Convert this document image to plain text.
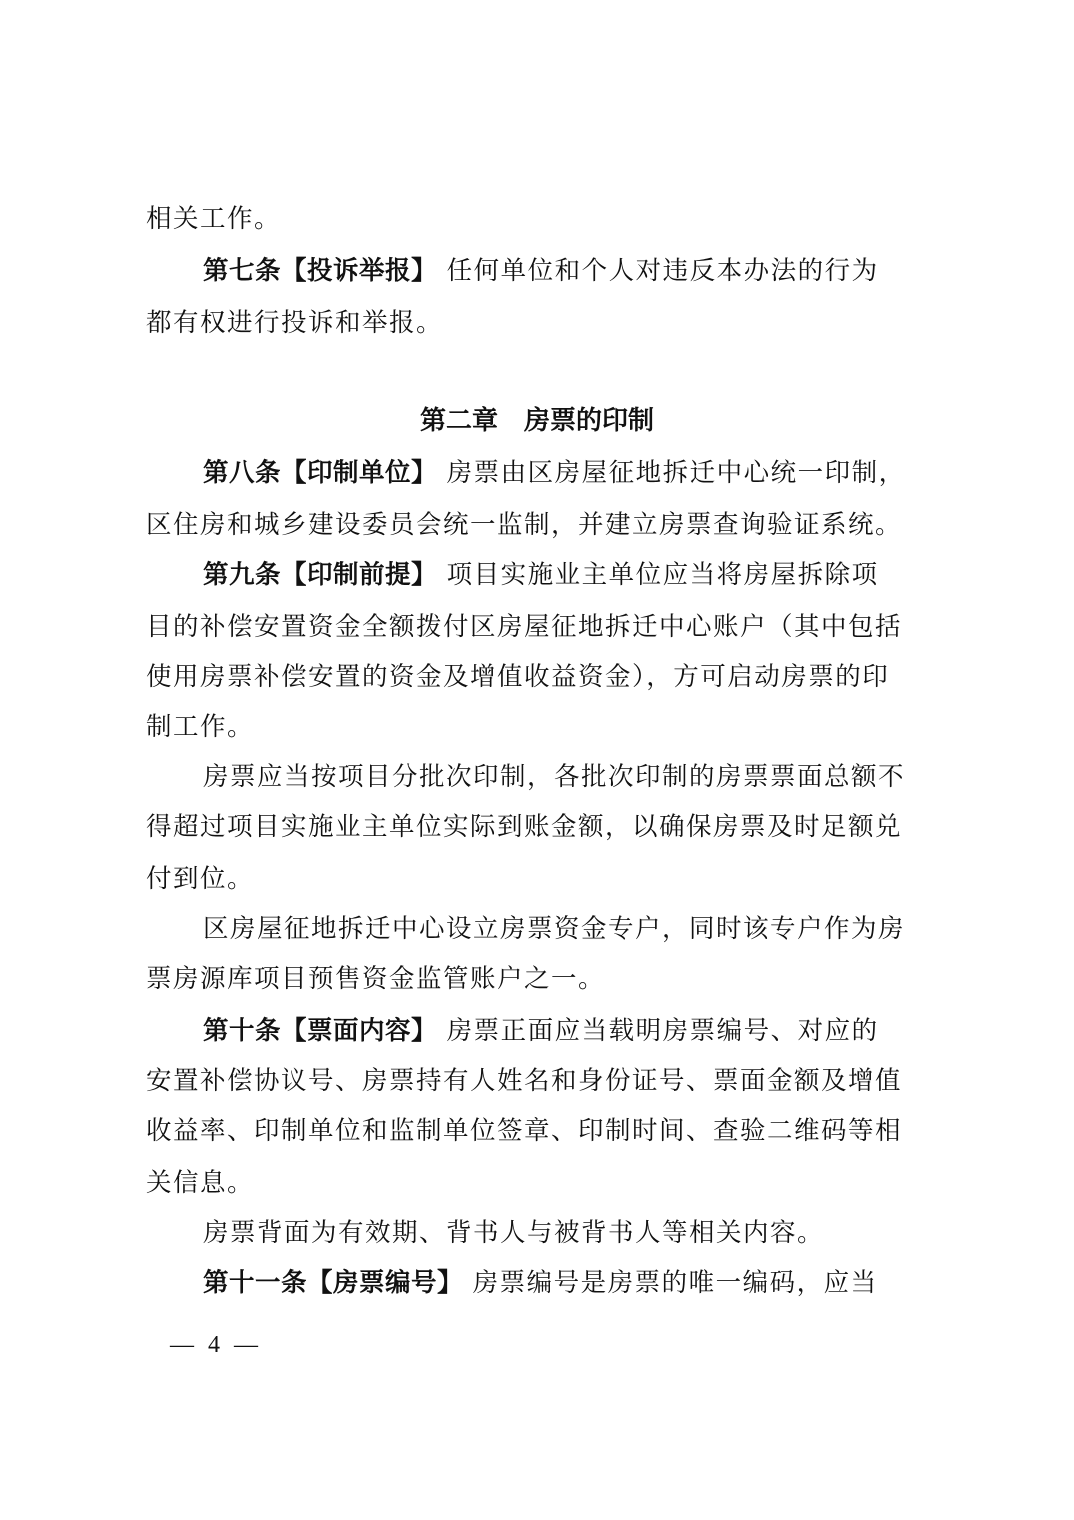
相关工作。
第七条【投诉举报】 任何单位和个人对违反本办法的行为
都有权进行投诉和举报。
第二章　房票的印制
第八条【印制单位】 房票由区房屋征地拆迁中心统一印制，
区住房和城乡建设委员会统一监制，并建立房票查询验证系统。
第九条【印制前提】 项目实施业主单位应当将房屋拆除项
目的补偿安置资金全额拨付区房屋征地拆迁中心账户（其中包括
使用房票补偿安置的资金及增值收益资金），方可启动房票的印
制工作。
房票应当按项目分批次印制，各批次印制的房票票面总额不
得超过项目实施业主单位实际到账金额，以确保房票及时足额兑
付到位。
区房屋征地拆迁中心设立房票资金专户，同时该专户作为房
票房源库项目预售资金监管账户之一。
第十条【票面内容】 房票正面应当载明房票编号、对应的
安置补偿协议号、房票持有人姓名和身份证号、票面金额及增值
收益率、印制单位和监制单位签章、印制时间、查验二维码等相
关信息。
房票背面为有效期、背书人与被背书人等相关内容。
第十一条【房票编号】 房票编号是房票的唯一编码，应当
— 4 —
